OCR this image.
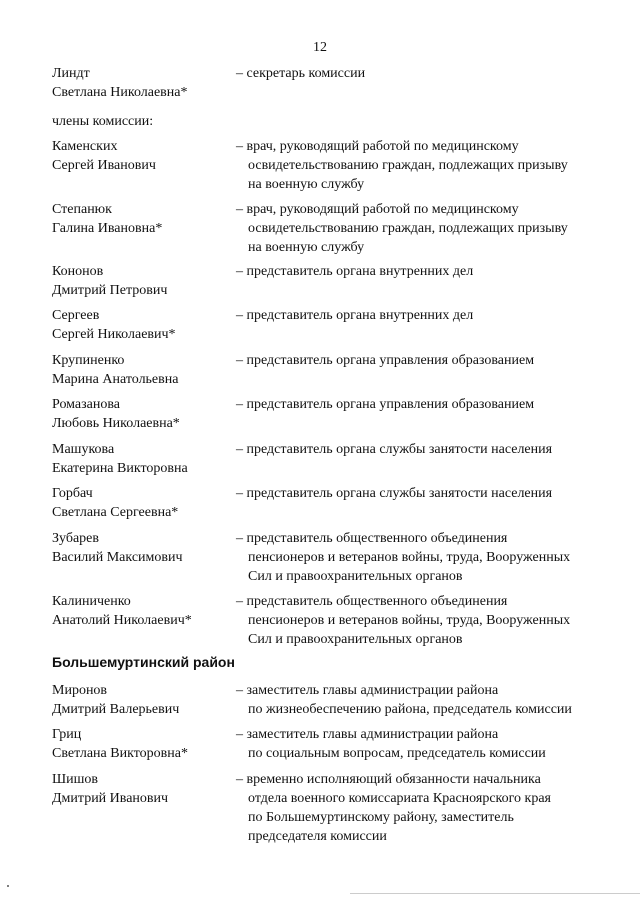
12
члены комиссии:
Большемуртинский район
Линдт
Светлана Николаевна*
– секретарь комиссии
Каменских
Сергей Иванович
– врач, руководящий работой по медицинскому
освидетельствованию граждан, подлежащих призыву
на военную службу
Степанюк
Галина Ивановна*
– врач, руководящий работой по медицинскому
освидетельствованию граждан, подлежащих призыву
на военную службу
Кононов
Дмитрий Петрович
– представитель органа внутренних дел
Сергеев
Сергей Николаевич*
– представитель органа внутренних дел
Крупиненко
Марина Анатольевна
– представитель органа управления образованием
Ромазанова
Любовь Николаевна*
– представитель органа управления образованием
Машукова
Екатерина Викторовна
– представитель органа службы занятости населения
Горбач
Светлана Сергеевна*
– представитель органа службы занятости населения
Зубарев
Василий Максимович
– представитель общественного объединения
пенсионеров и ветеранов войны, труда, Вооруженных
Сил и правоохранительных органов
Калиниченко
Анатолий Николаевич*
– представитель общественного объединения
пенсионеров и ветеранов войны, труда, Вооруженных
Сил и правоохранительных органов
Миронов
Дмитрий Валерьевич
– заместитель главы администрации района
по жизнеобеспечению района, председатель комиссии
Гриц
Светлана Викторовна*
– заместитель главы администрации района
по социальным вопросам, председатель комиссии
Шишов
Дмитрий Иванович
– временно исполняющий обязанности начальника
отдела военного комиссариата Красноярского края
по Большемуртинскому району, заместитель
председателя комиссии
